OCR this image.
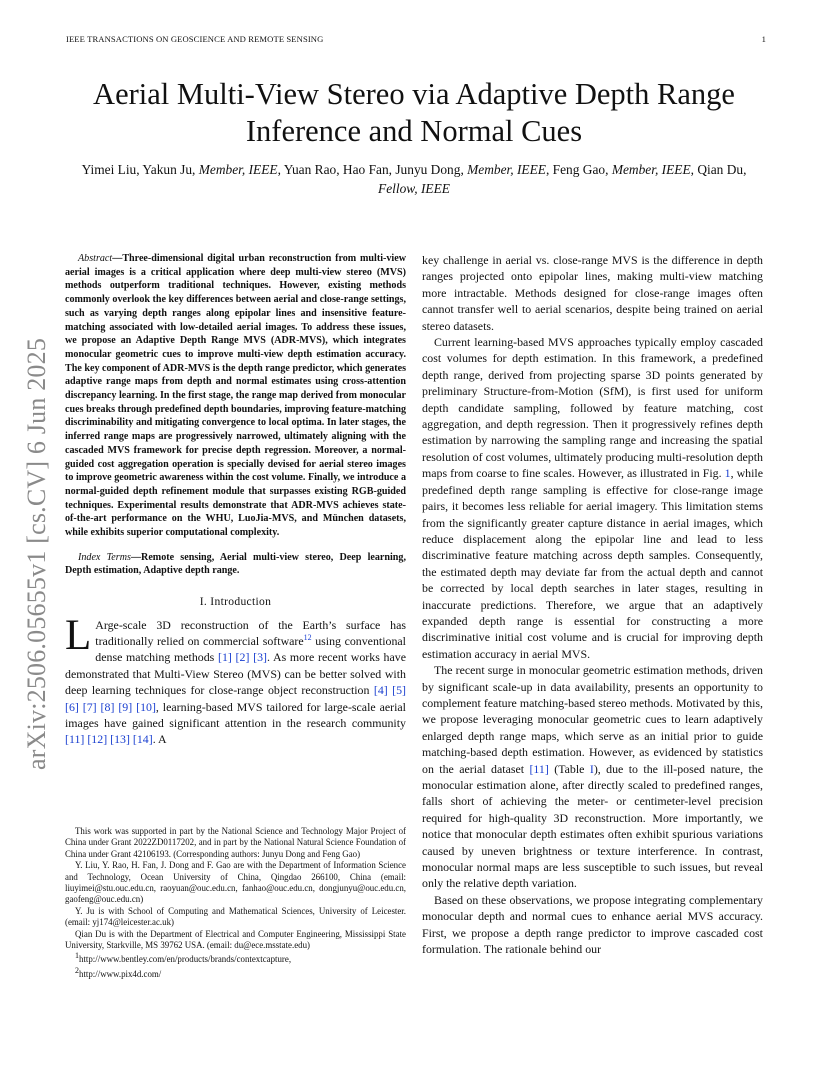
IEEE TRANSACTIONS ON GEOSCIENCE AND REMOTE SENSING	1
arXiv:2506.05655v1 [cs.CV] 6 Jun 2025
Aerial Multi-View Stereo via Adaptive Depth Range
Inference and Normal Cues
Yimei Liu, Yakun Ju, Member, IEEE, Yuan Rao, Hao Fan, Junyu Dong, Member, IEEE, Feng Gao, Member, IEEE, Qian Du, Fellow, IEEE

Abstract—Three-dimensional digital urban reconstruction from multi-view aerial images is a critical application where deep multi-view stereo (MVS) methods outperform traditional techniques. However, existing methods commonly overlook the key differences between aerial and close-range settings, such as varying depth ranges along epipolar lines and insensitive feature-matching associated with low-detailed aerial images. To address these issues, we propose an Adaptive Depth Range MVS (ADR-MVS), which integrates monocular geometric cues to improve multi-view depth estimation accuracy. The key component of ADR-MVS is the depth range predictor, which generates adaptive range maps from depth and normal estimates using cross-attention discrepancy learning. In the first stage, the range map derived from monocular cues breaks through predefined depth boundaries, improving feature-matching discriminability and mitigating convergence to local optima. In later stages, the inferred range maps are progressively narrowed, ultimately aligning with the cascaded MVS framework for precise depth regression. Moreover, a normal-guided cost aggregation operation is specially devised for aerial stereo images to improve geometric awareness within the cost volume. Finally, we introduce a normal-guided depth refinement module that surpasses existing RGB-guided techniques. Experimental results demonstrate that ADR-MVS achieves state-of-the-art performance on the WHU, LuoJia-MVS, and München datasets, while exhibits superior computational complexity.

Index Terms—Remote sensing, Aerial multi-view stereo, Deep learning, Depth estimation, Adaptive depth range.

I. Introduction

L Arge-scale 3D reconstruction of the Earth’s surface has traditionally relied on commercial software$^{12}$ using conventional dense matching methods [1] [2] [3]. As more recent works have demonstrated that Multi-View Stereo (MVS) can be better solved with deep learning techniques for close-range object reconstruction [4] [5] [6] [7] [8] [9] [10], learning-based MVS tailored for large-scale aerial images have gained significant attention in the research community [11] [12] [13] [14]. A

This work was supported in part by the National Science and Technology Major Project of China under Grant 2022ZD0117202, and in part by the National Natural Science Foundation of China under Grant 42106193. (Corresponding authors: Junyu Dong and Feng Gao)

Y. Liu, Y. Rao, H. Fan, J. Dong and F. Gao are with the Department of Information Science and Technology, Ocean University of China, Qingdao 266100, China (email: liuyimei@stu.ouc.edu.cn, raoyuan@ouc.edu.cn, fanhao@ouc.edu.cn, dongjunyu@ouc.edu.cn, gaofeng@ouc.edu.cn)

Y. Ju is with School of Computing and Mathematical Sciences, University of Leicester. (email: yj174@leicester.ac.uk)

Qian Du is with the Department of Electrical and Computer Engineering, Mississippi State University, Starkville, MS 39762 USA. (email: du@ece.msstate.edu)

$^1$http://www.bentley.com/en/products/brands/contextcapture,

$^2$http://www.pix4d.com/

key challenge in aerial vs. close-range MVS is the difference in depth ranges projected onto epipolar lines, making multi-view matching more intractable. Methods designed for close-range images often cannot transfer well to aerial scenarios, despite being trained on aerial stereo datasets.

Current learning-based MVS approaches typically employ cascaded cost volumes for depth estimation. In this framework, a predefined depth range, derived from projecting sparse 3D points generated by preliminary Structure-from-Motion (SfM), is first used for uniform depth candidate sampling, followed by feature matching, cost aggregation, and depth regression. Then it progressively refines depth estimation by narrowing the sampling range and increasing the spatial resolution of cost volumes, ultimately producing multi-resolution depth maps from coarse to fine scales. However, as illustrated in Fig. 1, while predefined depth range sampling is effective for close-range image pairs, it becomes less reliable for aerial imagery. This limitation stems from the significantly greater capture distance in aerial images, which reduce displacement along the epipolar line and lead to less discriminative feature matching across depth samples. Consequently, the estimated depth may deviate far from the actual depth and cannot be corrected by local depth searches in later stages, resulting in inaccurate predictions. Therefore, we argue that an adaptively expanded depth range is essential for constructing a more discriminative initial cost volume and is crucial for improving depth estimation accuracy in aerial MVS.

The recent surge in monocular geometric estimation methods, driven by significant scale-up in data availability, presents an opportunity to complement feature matching-based stereo methods. Motivated by this, we propose leveraging monocular geometric cues to learn adaptively enlarged depth range maps, which serve as an initial prior to guide matching-based depth estimation. However, as evidenced by statistics on the aerial dataset [11] (Table I), due to the ill-posed nature, the monocular estimation alone, after directly scaled to predefined ranges, falls short of achieving the meter- or centimeter-level precision required for high-quality 3D reconstruction. More importantly, we notice that monocular depth estimates often exhibit spurious variations caused by uneven brightness or texture interference. In contrast, monocular normal maps are less susceptible to such issues, but reveal only the relative depth variation.

Based on these observations, we propose integrating complementary monocular depth and normal cues to enhance aerial MVS accuracy. First, we propose a depth range predictor to improve cascaded cost formulation. The rationale behind our
